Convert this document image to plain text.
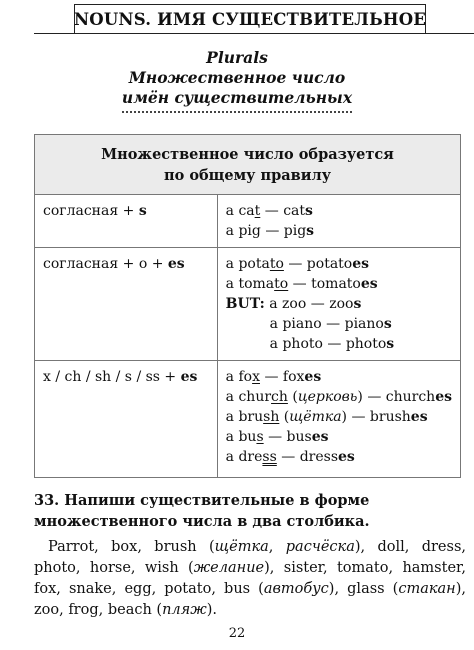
NOUNS. ИМЯ СУЩЕСТВИТЕЛЬНОЕ
Plurals
Множественное число
имён существительных
Множественное число образуется
по общему правилу	

согласная + s	a cat — cats
a pig — pigs

согласная + о + es	a potato — potatoes
a tomato — tomatoes
BUT: a zoo — zoos
a piano — pianos
a photo — photos

x / ch / sh / s / ss + es	a fox — foxes
a church (церковь) — churches
a brush (щётка) — brushes
a bus — buses
a dress — dresses
33. Напиши существительные в форме множественного числа в два столбика.
Parrot, box, brush (щётка, расчёска), doll, dress, photo, horse, wish (желание), sister, tomato, hamster, fox, snake, egg, potato, bus (автобус), glass (стакан), zoo, frog, beach (пляж).
22
